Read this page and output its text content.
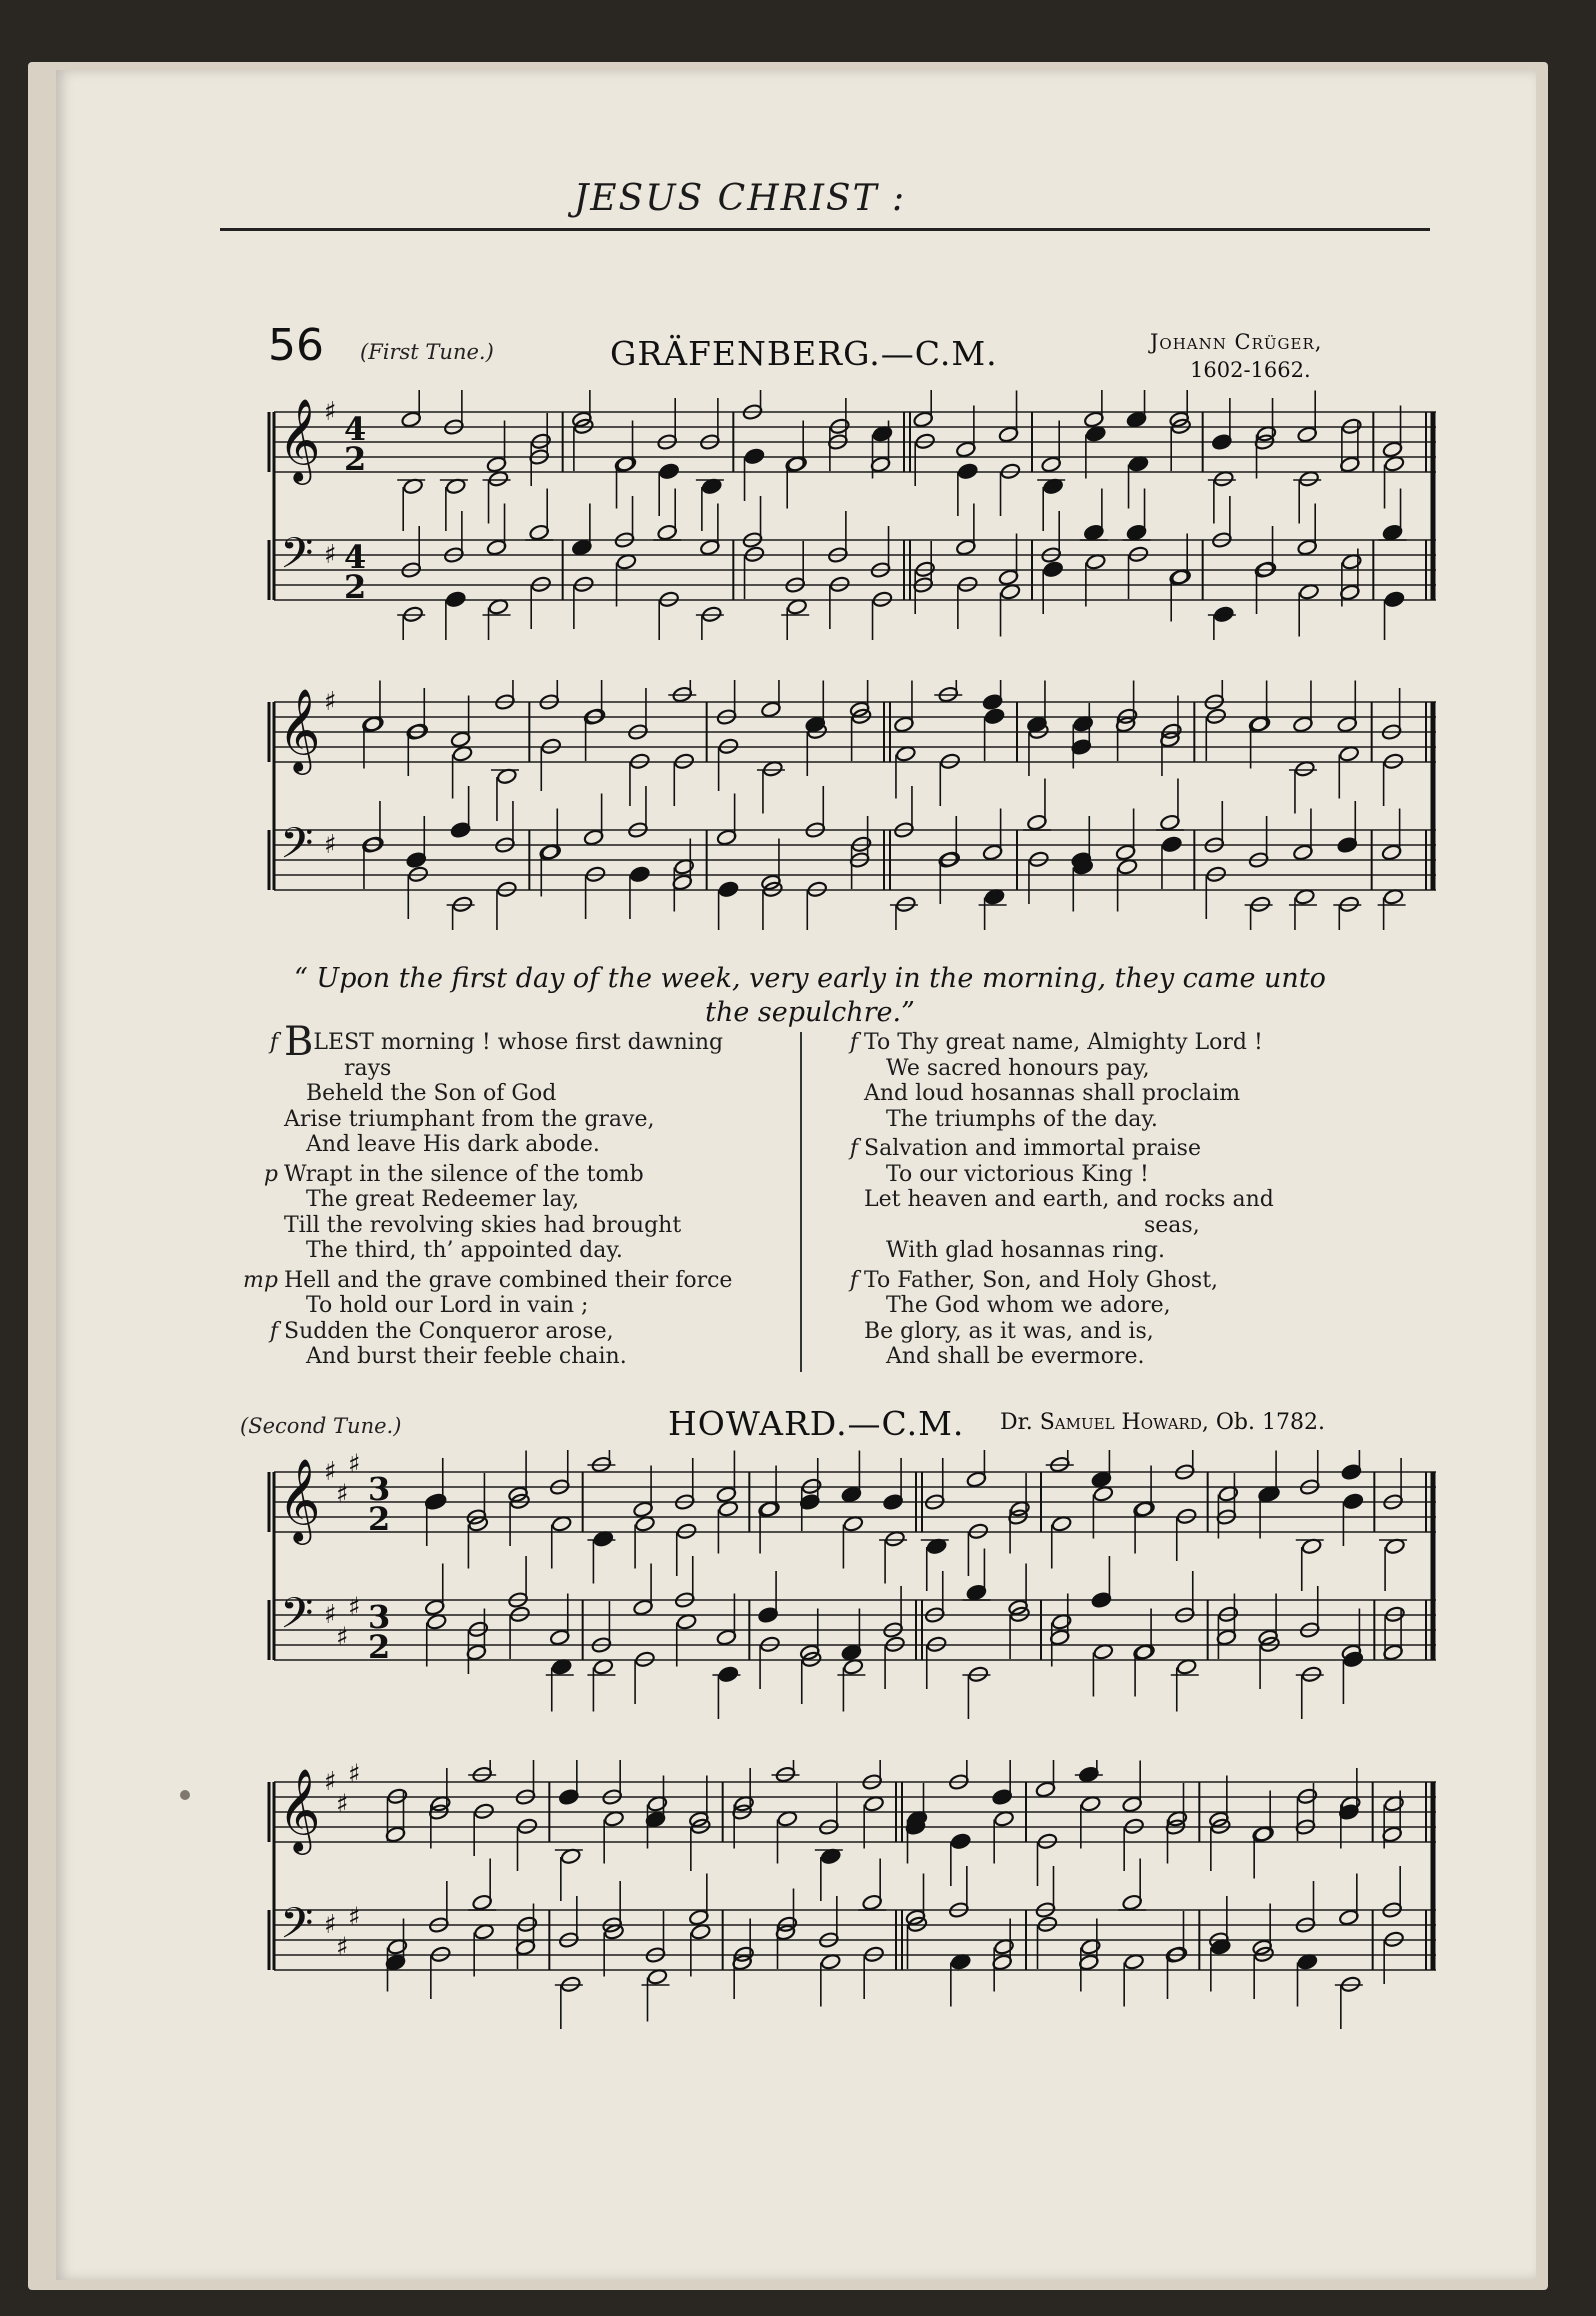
JESUS CHRIST :
56 (First Tune.)	GRÄFENBERG.—C.M.	Johann Crüger,
1602-1662.
𝄞
𝄢
♯
♯
4
2
4
2
𝄞
𝄢
♯
♯
“ Upon the first day of the week, very early in the morning, they came unto
the sepulchre.”
f BLEST morning ! whose first dawning
rays
Beheld the Son of God
Arise triumphant from the grave,
And leave His dark abode.
p Wrapt in the silence of the tomb
The great Redeemer lay,
Till the revolving skies had brought
The third, th’ appointed day.
mp Hell and the grave combined their force
To hold our Lord in vain ;
f Sudden the Conqueror arose,
And burst their feeble chain.
f To Thy great name, Almighty Lord !
We sacred honours pay,
And loud hosannas shall proclaim
The triumphs of the day.
f Salvation and immortal praise
To our victorious King !
Let heaven and earth, and rocks and
seas,
With glad hosannas ring.
f To Father, Son, and Holy Ghost,
The God whom we adore,
Be glory, as it was, and is,
And shall be evermore.
(Second Tune.)	HOWARD.—C.M. Dr. Samuel Howard, Ob. 1782.
𝄞
𝄢
♯
♯
♯
♯
♯
♯
3
2
3
2
𝄞
𝄢
♯
♯
♯
♯
♯
♯
